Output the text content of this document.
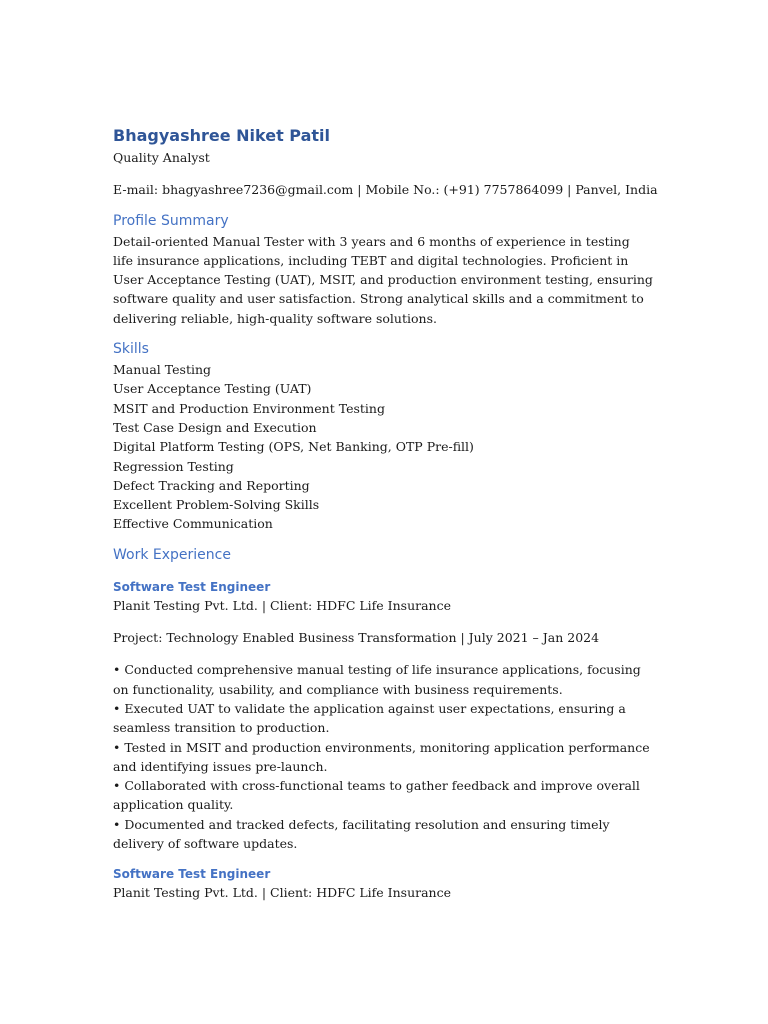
Bhagyashree Niket Patil

Quality Analyst

E-mail: bhagyashree7236@gmail.com | Mobile No.: (+91) 7757864099 | Panvel, India

Profile Summary

Detail-oriented Manual Tester with 3 years and 6 months of experience in testing life insurance applications, including TEBT and digital technologies. Proficient in User Acceptance Testing (UAT), MSIT, and production environment testing, ensuring software quality and user satisfaction. Strong analytical skills and a commitment to delivering reliable, high-quality software solutions.

Skills
Manual Testing
User Acceptance Testing (UAT)
MSIT and Production Environment Testing
Test Case Design and Execution
Digital Platform Testing (OPS, Net Banking, OTP Pre-fill)
Regression Testing
Defect Tracking and Reporting
Excellent Problem-Solving Skills
Effective Communication
Work Experience
Software Test Engineer

Planit Testing Pvt. Ltd. | Client: HDFC Life Insurance

Project: Technology Enabled Business Transformation | July 2021 – Jan 2024

• Conducted comprehensive manual testing of life insurance applications, focusing on functionality, usability, and compliance with business requirements.
• Executed UAT to validate the application against user expectations, ensuring a seamless transition to production.
• Tested in MSIT and production environments, monitoring application performance and identifying issues pre-launch.
• Collaborated with cross-functional teams to gather feedback and improve overall application quality.
• Documented and tracked defects, facilitating resolution and ensuring timely delivery of software updates.
Software Test Engineer

Planit Testing Pvt. Ltd. | Client: HDFC Life Insurance
